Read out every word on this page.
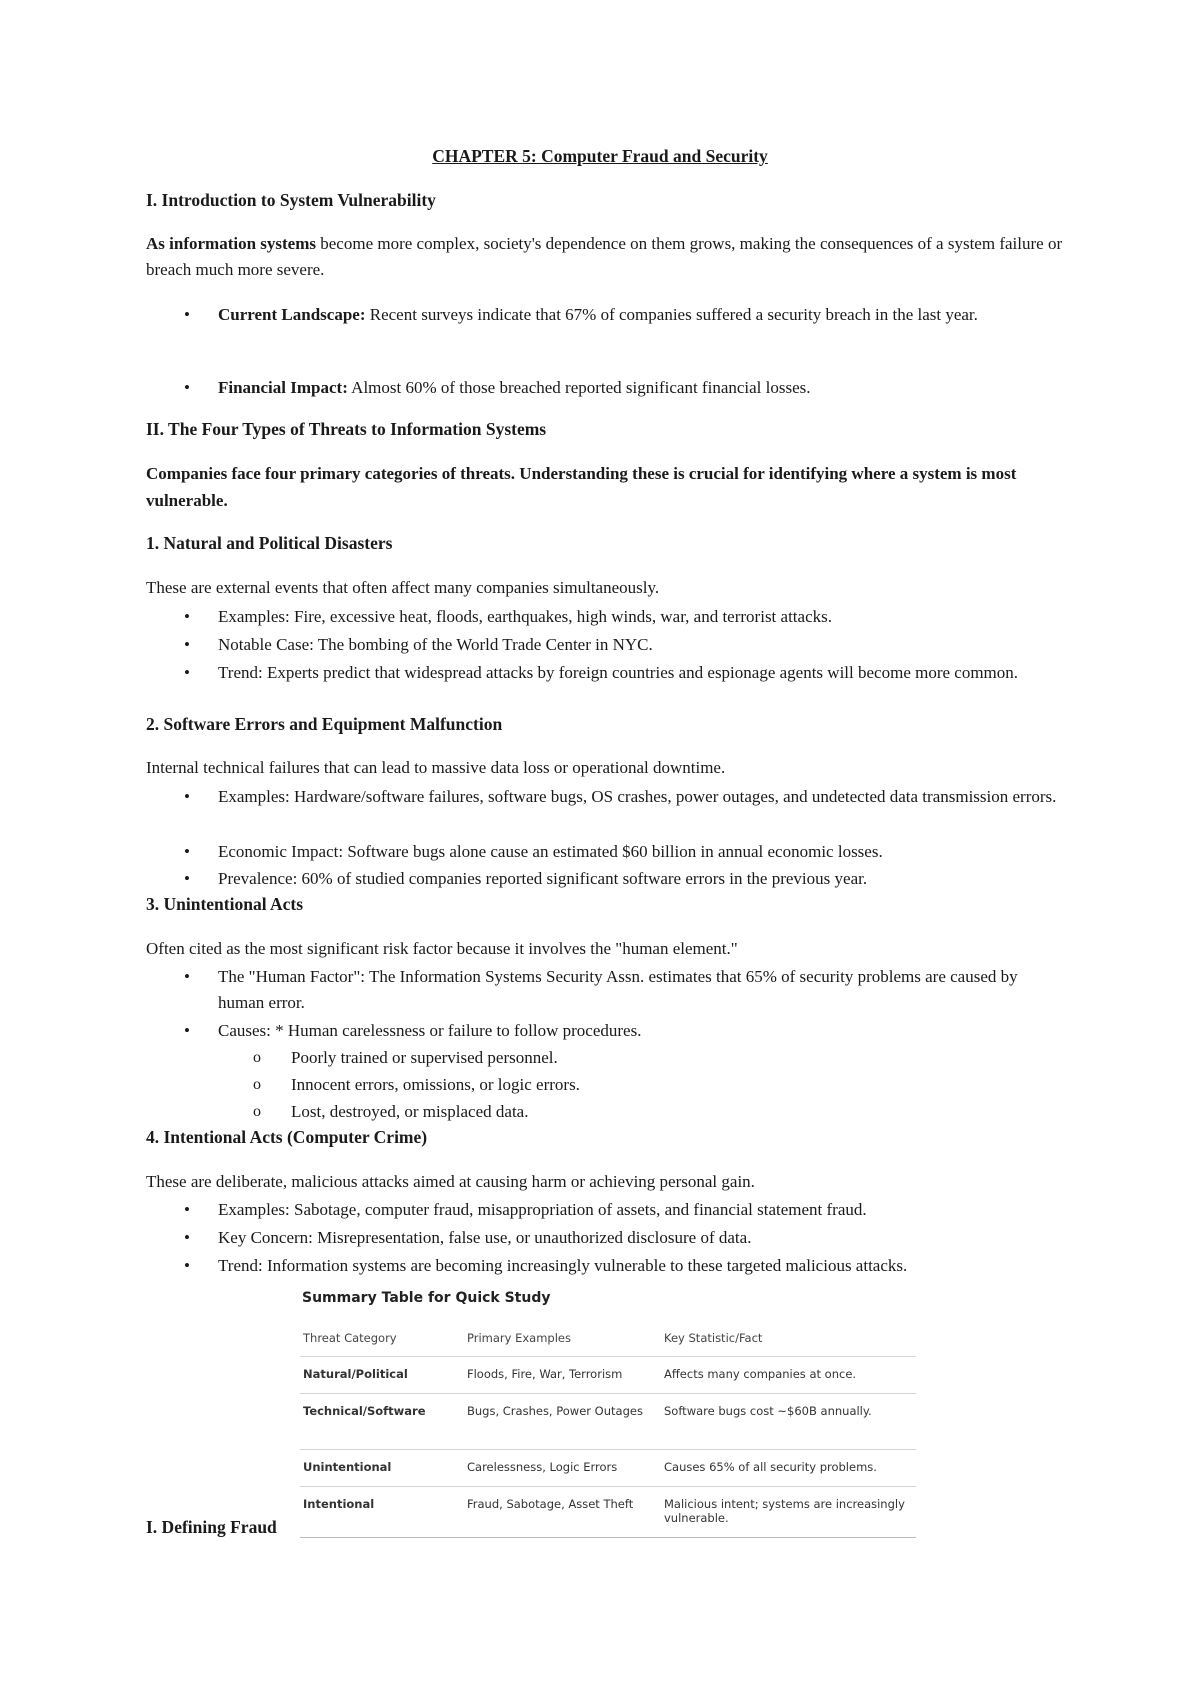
CHAPTER 5: Computer Fraud and Security
I. Introduction to System Vulnerability
As information systems become more complex, society's dependence on them grows, making the consequences of a system failure or breach much more severe.
• Current Landscape: Recent surveys indicate that 67% of companies suffered a security breach in the last year.
• Financial Impact: Almost 60% of those breached reported significant financial losses.
II. The Four Types of Threats to Information Systems
Companies face four primary categories of threats. Understanding these is crucial for identifying where a system is most vulnerable.
1. Natural and Political Disasters
These are external events that often affect many companies simultaneously.
• Examples: Fire, excessive heat, floods, earthquakes, high winds, war, and terrorist attacks.
• Notable Case: The bombing of the World Trade Center in NYC.
• Trend: Experts predict that widespread attacks by foreign countries and espionage agents will become more common.
2. Software Errors and Equipment Malfunction
Internal technical failures that can lead to massive data loss or operational downtime.
• Examples: Hardware/software failures, software bugs, OS crashes, power outages, and undetected data transmission errors.
• Economic Impact: Software bugs alone cause an estimated $60 billion in annual economic losses.
• Prevalence: 60% of studied companies reported significant software errors in the previous year.
3. Unintentional Acts
Often cited as the most significant risk factor because it involves the "human element."
• The "Human Factor": The Information Systems Security Assn. estimates that 65% of security problems are caused by human error.
• Causes: * Human carelessness or failure to follow procedures.
o Poorly trained or supervised personnel.
o Innocent errors, omissions, or logic errors.
o Lost, destroyed, or misplaced data.
4. Intentional Acts (Computer Crime)
These are deliberate, malicious attacks aimed at causing harm or achieving personal gain.
• Examples: Sabotage, computer fraud, misappropriation of assets, and financial statement fraud.
• Key Concern: Misrepresentation, false use, or unauthorized disclosure of data.
• Trend: Information systems are becoming increasingly vulnerable to these targeted malicious attacks.
Summary Table for Quick Study
Threat Category	Primary Examples	Key Statistic/Fact
Natural/Political	Floods, Fire, War, Terrorism	Affects many companies at once.
Technical/Software	Bugs, Crashes, Power Outages	Software bugs cost ~$60B annually.
Unintentional	Carelessness, Logic Errors	Causes 65% of all security problems.
Intentional	Fraud, Sabotage, Asset Theft	Malicious intent; systems are increasingly vulnerable.
I. Defining Fraud
